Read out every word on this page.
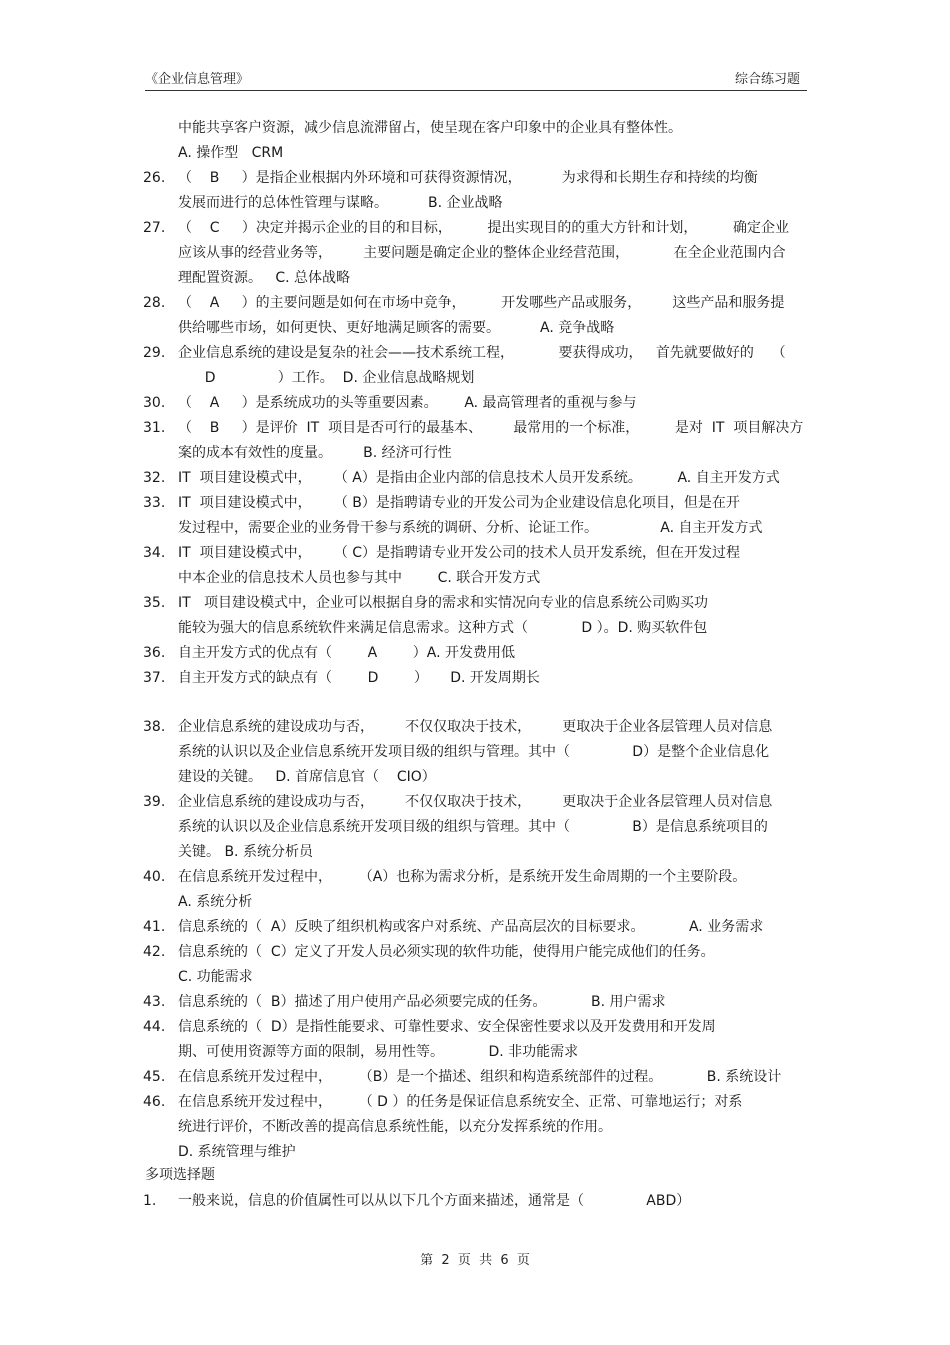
《企业信息管理》	综合练习题
中能共享客户资源，减少信息流滞留占，使呈现在客户印象中的企业具有整体性。
A. 操作型   CRM
26. （    B     ）是指企业根据内外环境和可获得资源情况，         为求得和长期生存和持续的均衡
发展而进行的总体性管理与谋略。         B. 企业战略
27. （    C     ）决定并揭示企业的目的和目标，        提出实现目的的重大方针和计划，        确定企业
应该从事的经营业务等，       主要问题是确定企业的整体企业经营范围，          在全企业范围内合
理配置资源。   C. 总体战略
28. （    A     ）的主要问题是如何在市场中竞争，        开发哪些产品或服务，       这些产品和服务提
供给哪些市场，如何更快、更好地满足顾客的需要。         A. 竞争战略
29. 企业信息系统的建设是复杂的社会——技术系统工程，          要获得成功，   首先就要做好的    （
D              ）工作。  D. 企业信息战略规划
30. （    A     ）是系统成功的头等重要因素。      A. 最高管理者的重视与参与
31. （    B     ）是评价  IT  项目是否可行的最基本、       最常用的一个标准，        是对  IT  项目解决方
案的成本有效性的度量。       B. 经济可行性
32. IT  项目建设模式中，     （ A）是指由企业内部的信息技术人员开发系统。        A. 自主开发方式
33. IT  项目建设模式中，     （ B）是指聘请专业的开发公司为企业建设信息化项目，但是在开
发过程中，需要企业的业务骨干参与系统的调研、分析、论证工作。              A. 自主开发方式
34. IT  项目建设模式中，     （ C）是指聘请专业开发公司的技术人员开发系统，但在开发过程
中本企业的信息技术人员也参与其中        C. 联合开发方式
35. IT   项目建设模式中，企业可以根据自身的需求和实情况向专业的信息系统公司购买功
能较为强大的信息系统软件来满足信息需求。这种方式（            D ）。D. 购买软件包
36. 自主开发方式的优点有（        A        ）A. 开发费用低
37. 自主开发方式的缺点有（        D        ）     D. 开发周期长
38. 企业信息系统的建设成功与否，       不仅仅取决于技术，       更取决于企业各层管理人员对信息
系统的认识以及企业信息系统开发项目级的组织与管理。其中（              D）是整个企业信息化
建设的关键。   D. 首席信息官（    CIO）
39. 企业信息系统的建设成功与否，       不仅仅取决于技术，       更取决于企业各层管理人员对信息
系统的认识以及企业信息系统开发项目级的组织与管理。其中（              B）是信息系统项目的
关键。 B. 系统分析员
40. 在信息系统开发过程中，      （A）也称为需求分析，是系统开发生命周期的一个主要阶段。
A. 系统分析
41. 信息系统的（  A）反映了组织机构或客户对系统、产品高层次的目标要求。          A. 业务需求
42. 信息系统的（  C）定义了开发人员必须实现的软件功能，使得用户能完成他们的任务。
C. 功能需求
43. 信息系统的（  B）描述了用户使用产品必须要完成的任务。          B. 用户需求
44. 信息系统的（  D）是指性能要求、可靠性要求、安全保密性要求以及开发费用和开发周
期、可使用资源等方面的限制，易用性等。          D. 非功能需求
45. 在信息系统开发过程中，      （B）是一个描述、组织和构造系统部件的过程。          B. 系统设计
46. 在信息系统开发过程中，      （ D ）的任务是保证信息系统安全、正常、可靠地运行；对系
统进行评价，不断改善的提高信息系统性能，以充分发挥系统的作用。
D. 系统管理与维护
多项选择题
1. 一般来说，信息的价值属性可以从以下几个方面来描述，通常是（              ABD）
第  2  页  共  6  页
